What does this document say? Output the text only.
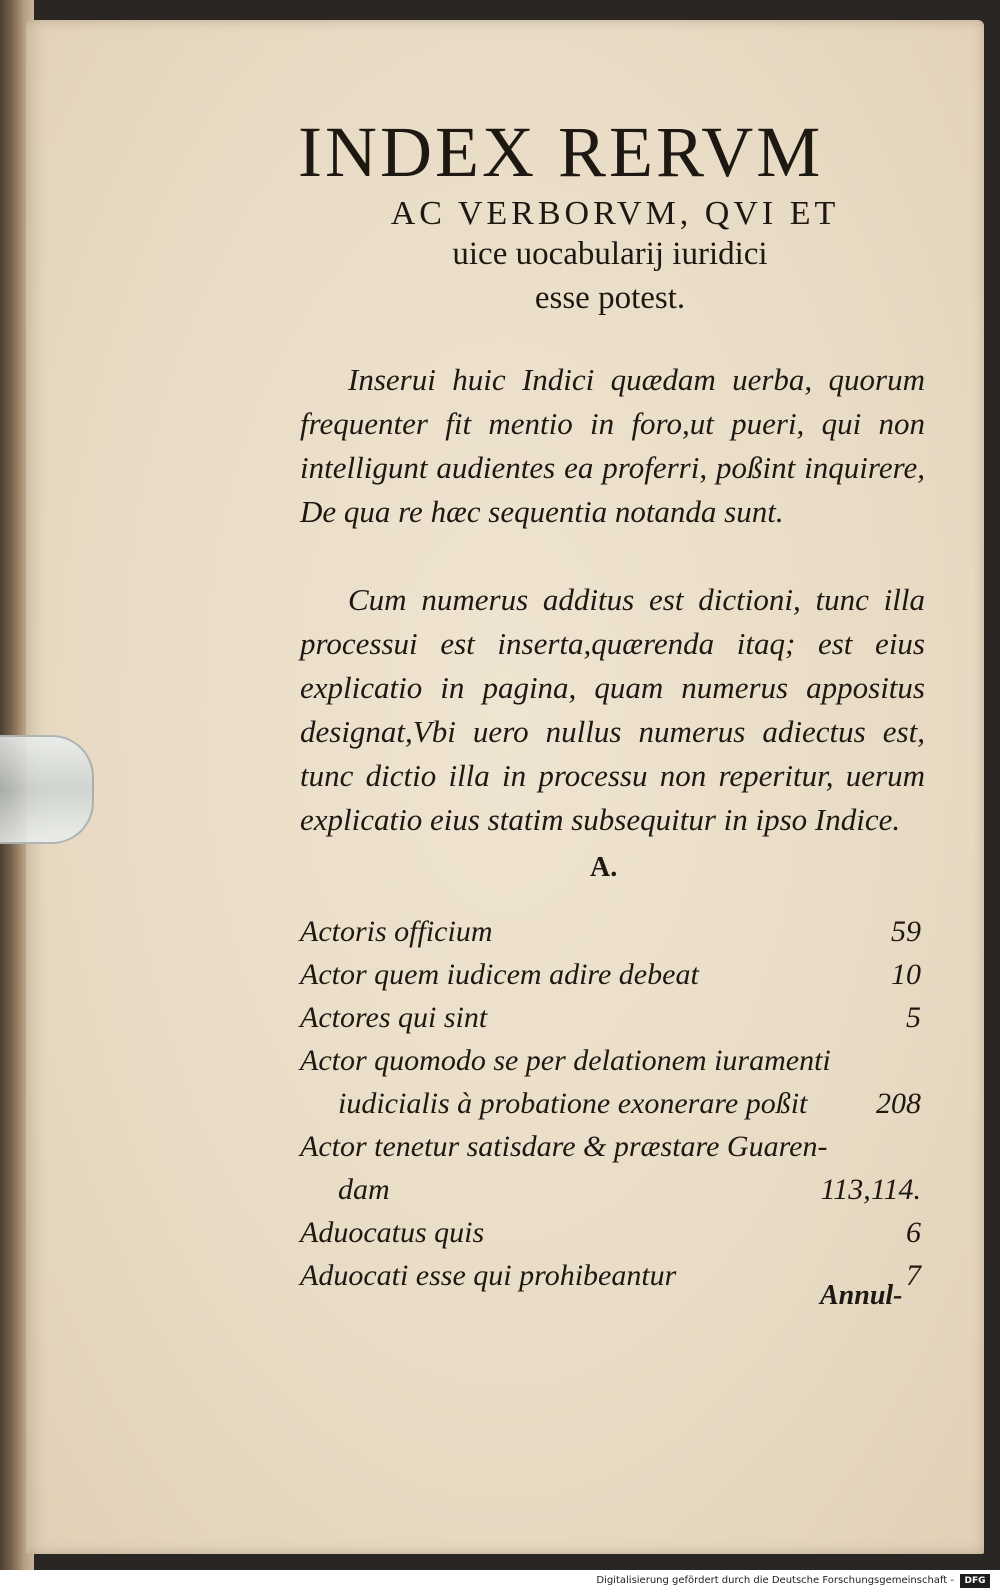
INDEX RERVM
AC VERBORVM, QVI ET
uice uocabularij iuridici
esse potest.
Inserui huic Indici quædam uerba, quorum frequenter fit mentio in foro,ut pueri, qui non intelligunt audientes ea proferri, poßint inquirere, De qua re hæc sequentia notanda sunt.
Cum numerus additus est dictioni, tunc illa processui est inserta,quærenda itaq; est eius explicatio in pagina, quam numerus appositus designat,Vbi uero nullus numerus adiectus est, tunc dictio illa in processu non reperitur, uerum explicatio eius statim subsequitur in ipso Indice.
A.
Actoris officium	59
Actor quem iudicem adire debeat	10
Actores qui sint	5
Actor quomodo se per delationem iuramenti
iudicialis à probatione exonerare poßit 208
Actor tenetur satisdare & præstare Guaren-
dam	113,114.
Aduocatus quis	6
Aduocati esse qui prohibeantur	7
Annul-
Digitalisierung gefördert durch die Deutsche Forschungsgemeinschaft -	DFG
